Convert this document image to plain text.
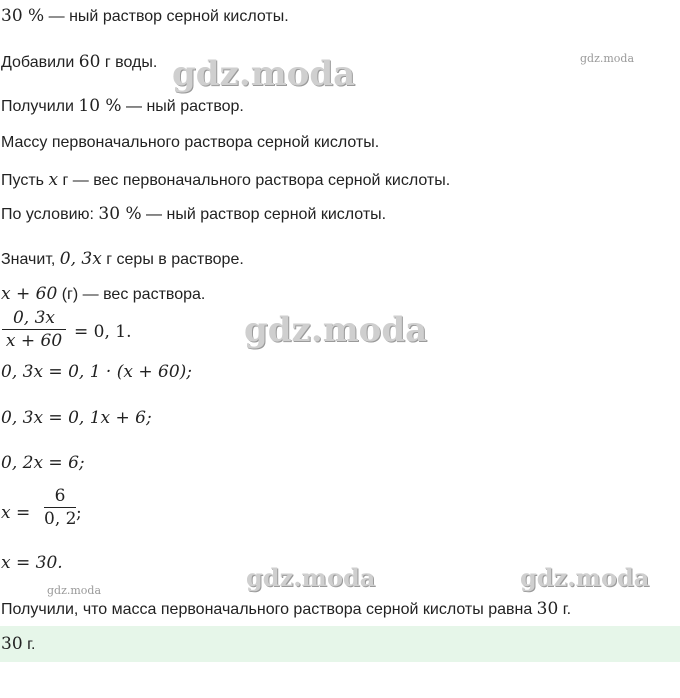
30 % — ный раствор серной кислоты.
Добавили 60 г воды.
Получили 10 % — ный раствор.
Массу первоначального раствора серной кислоты.
Пусть x г — вес первоначального раствора серной кислоты.
По условию: 30 % — ный раствор серной кислоты.
Значит, 0, 3x г серы в растворе.
x + 60 (г) — вес раствора.
0, 3x
x + 60 = 0, 1.
0, 3x = 0, 1 · (x + 60);
0, 3x = 0, 1x + 6;
0, 2x = 6;
x =
6
0, 2 ;
x = 30.
Получили, что масса первоначального раствора серной кислоты равна 30 г.
30 г.
gdz.moda	gdz.moda
gdz.moda
gdz.moda	gdz.moda
gdz.moda
